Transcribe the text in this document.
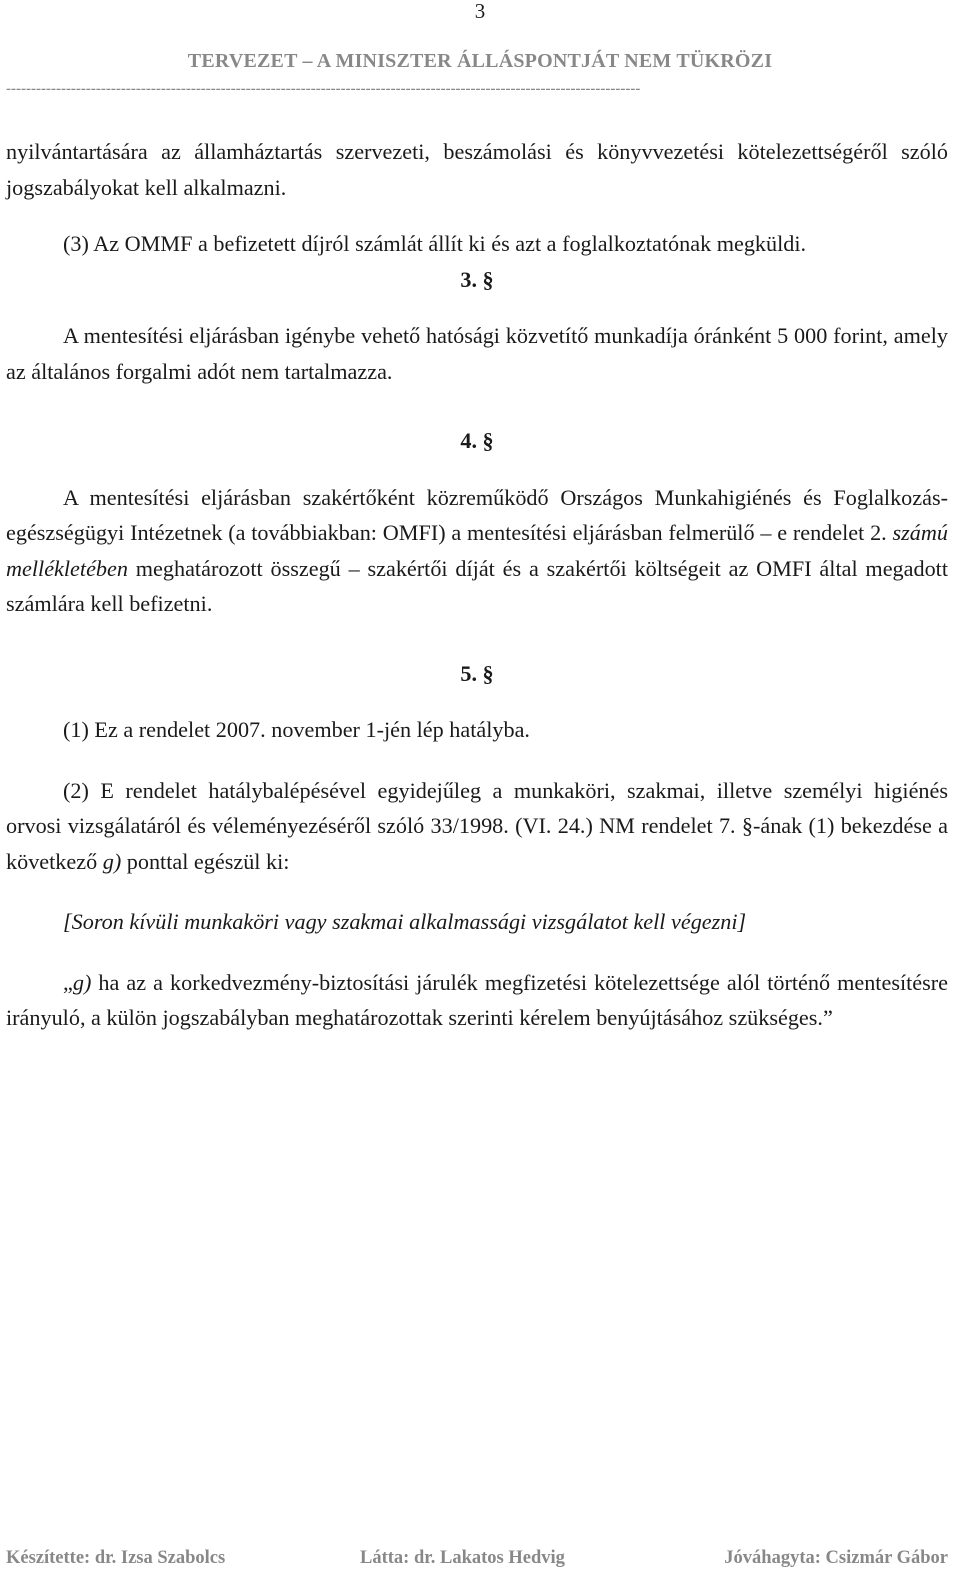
3
TERVEZET – A MINISZTER ÁLLÁSPONTJÁT NEM TÜKRÖZI
-------------------------------------------------------------------------------------------------------------------------------

nyilvántartására az államháztartás szervezeti, beszámolási és könyvvezetési kötelezettségéről szóló jogszabályokat kell alkalmazni.

(3) Az OMMF a befizetett díjról számlát állít ki és azt a foglalkoztatónak megküldi.

3. §

A mentesítési eljárásban igénybe vehető hatósági közvetítő munkadíja óránként 5 000 forint, amely az általános forgalmi adót nem tartalmazza.

4. §

A mentesítési eljárásban szakértőként közreműködő Országos Munkahigiénés és Foglalkozás-egészségügyi Intézetnek (a továbbiakban: OMFI) a mentesítési eljárásban felmerülő – e rendelet 2. számú mellékletében meghatározott összegű – szakértői díját és a szakértői költségeit az OMFI által megadott számlára kell befizetni.

5. §

(1) Ez a rendelet 2007. november 1-jén lép hatályba.

(2) E rendelet hatálybalépésével egyidejűleg a munkaköri, szakmai, illetve személyi higiénés orvosi vizsgálatáról és véleményezéséről szóló 33/1998. (VI. 24.) NM rendelet 7. §-ának (1) bekezdése a következő g) ponttal egészül ki:

[Soron kívüli munkaköri vagy szakmai alkalmassági vizsgálatot kell végezni]

„g) ha az a korkedvezmény-biztosítási járulék megfizetési kötelezettsége alól történő mentesítésre irányuló, a külön jogszabályban meghatározottak szerinti kérelem benyújtásához szükséges.”

Készítette: dr. Izsa Szabolcs	Látta: dr. Lakatos Hedvig	Jóváhagyta: Csizmár Gábor
